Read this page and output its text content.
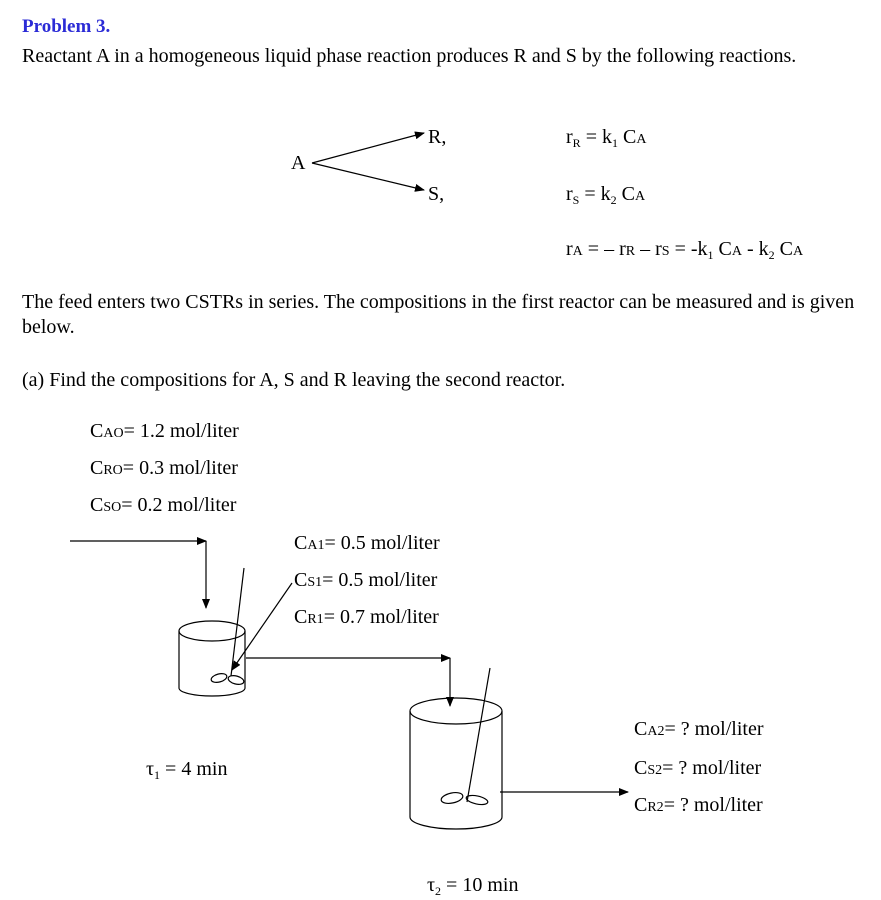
Problem 3.
Reactant A in a homogeneous liquid phase reaction produces R and S by the following reactions.
A
R,
S,
$r_R = k_1$ CA
$r_S = k_2$ CA
rA = – rR – rS = $-k_1$ CA - $k_2$ CA
The feed enters two CSTRs in series. The compositions in the first reactor can be measured and is given below.
(a) Find the compositions for A, S and R leaving the second reactor.
CAO= 1.2 mol/liter
CRO= 0.3 mol/liter
CSO= 0.2 mol/liter
CA1= 0.5 mol/liter
CS1= 0.5 mol/liter
CR1= 0.7 mol/liter
$\tau_1 = 4$ min
CA2= ? mol/liter
CS2= ? mol/liter
CR2= ? mol/liter
$\tau_2 = 10$ min
